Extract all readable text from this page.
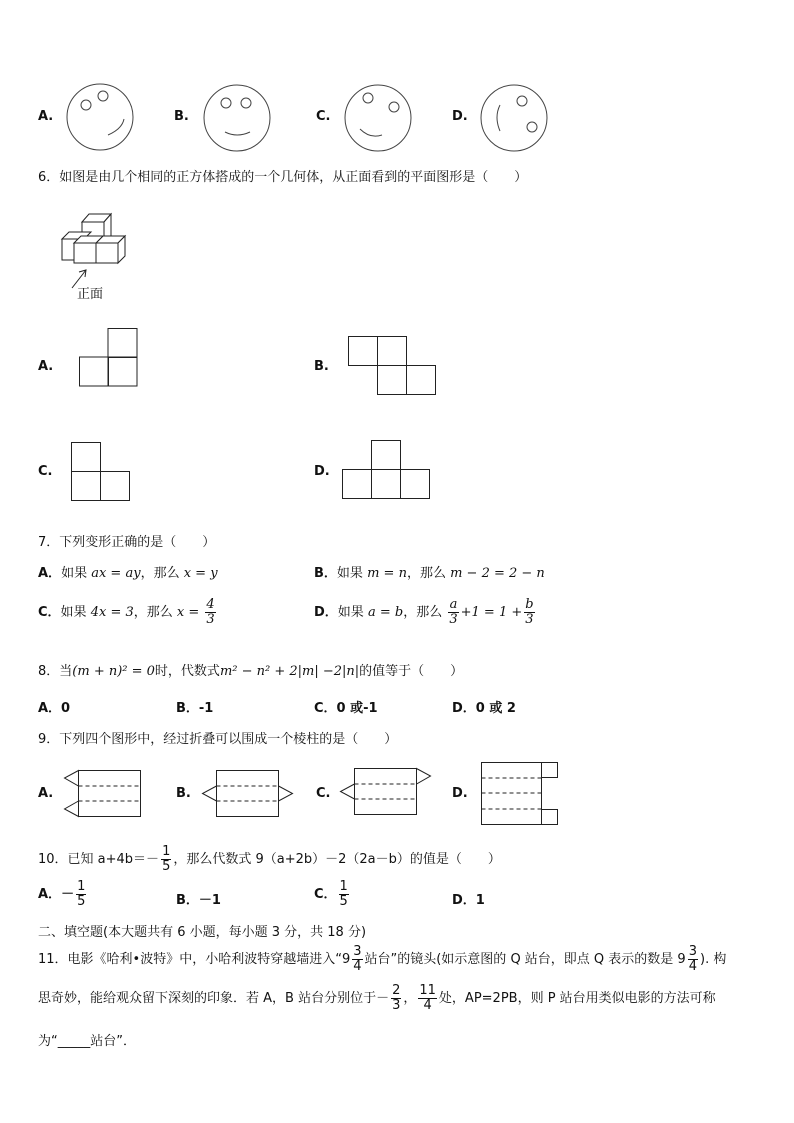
A.	B.	C.	D.
6．如图是由几个相同的正方体搭成的一个几何体，从正面看到的平面图形是（　　）
正面
A.	B.
C.	D.
7．下列变形正确的是（　　）
A．如果 ax = ay，那么 x = y	B．如果 m = n，那么 m − 2 = 2 − n
C．如果 4x = 3，那么 $x = \frac{4}{3}$	D．如果 a = b，那么 $\frac{a}{3} +1 = 1 + \frac{b}{3}$
8．当(m + n)² = 0时，代数式m² − n² + 2|m| −2|n|的值等于（　　）
A．0	B．-1	C．0 或-1	D．0 或 2
9．下列四个图形中，经过折叠可以围成一个棱柱的是（　　）
A.	B.	C.	D.
10．已知 $a+4b=- \frac{1}{5}$ ，那么代数式 9（a+2b）－2（2a－b）的值是（　　）
A．－ $\frac{1}{5}$	B．－1	C． $\frac{1}{5}$	D．1
二、填空题(本大题共有 6 小题，每小题 3 分，共 18 分)
11．电影《哈利•波特》中，小哈利波特穿越墙进入“$9 \frac{3}{4}$ 站台”的镜头(如示意图的 Q 站台，即点 Q 表示的数是 $9 \frac{3}{4}$ ). 构
思奇妙，能给观众留下深刻的印象．若 A，B 站台分别位于－ $\frac{2}{3}$ ， $\frac{11}{4}$ 处，AP=2PB，则 P 站台用类似电影的方法可称
为“_____站台”．
